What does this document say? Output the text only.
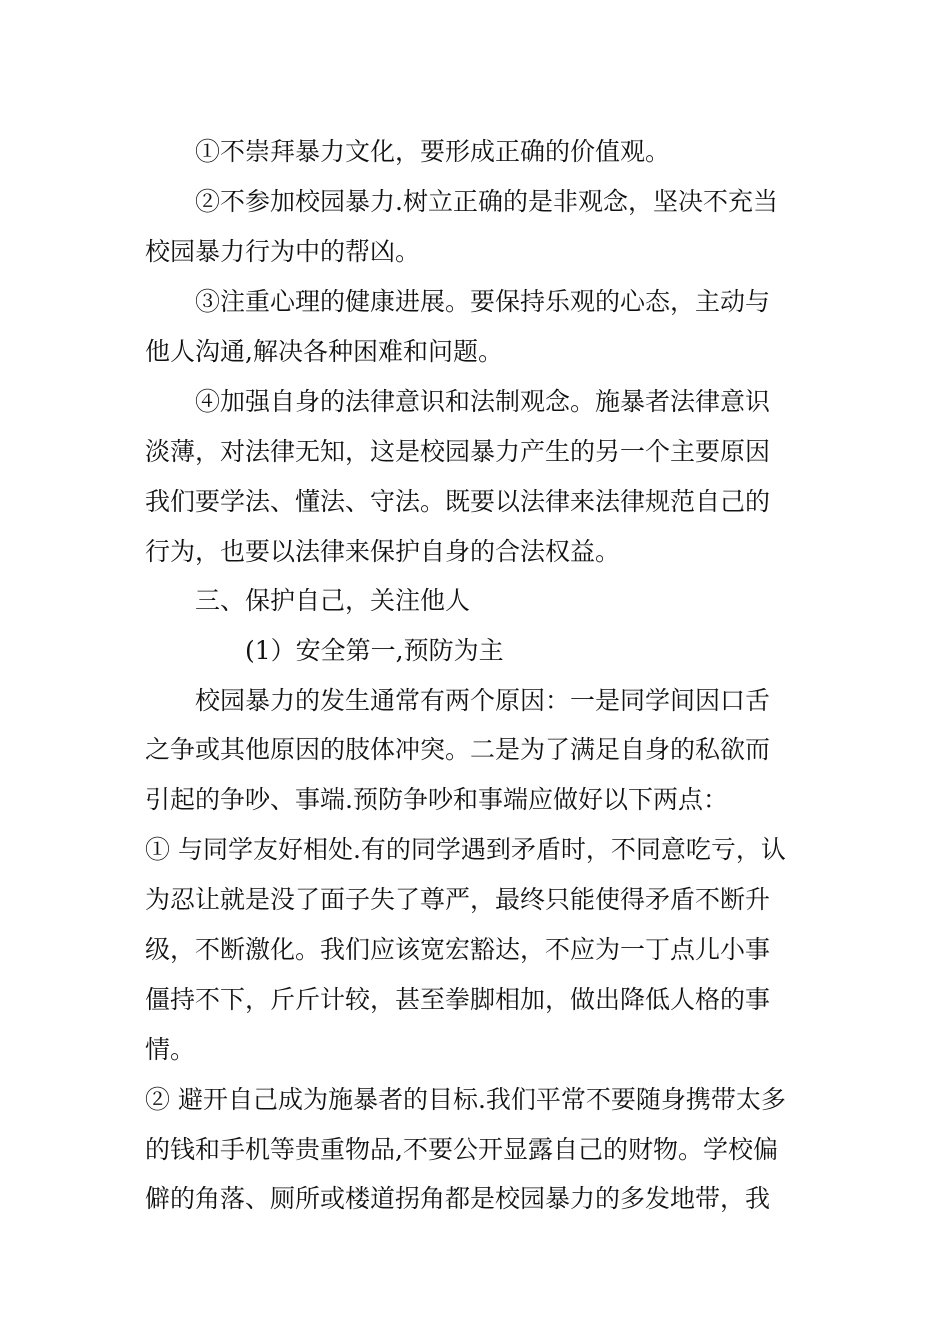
　　①不崇拜暴力文化，要形成正确的价值观。
　　②不参加校园暴力.树立正确的是非观念，坚决不充当
校园暴力行为中的帮凶。
　　③注重心理的健康进展。要保持乐观的心态，主动与
他人沟通,解决各种困难和问题。
　　④加强自身的法律意识和法制观念。施暴者法律意识
淡薄，对法律无知，这是校园暴力产生的另一个主要原因
我们要学法、懂法、守法。既要以法律来法律规范自己的
行为，也要以法律来保护自身的合法权益。
　　三、保护自己，关注他人
　　　　(1）安全第一,预防为主
　　校园暴力的发生通常有两个原因：一是同学间因口舌
之争或其他原因的肢体冲突。二是为了满足自身的私欲而
引起的争吵、事端.预防争吵和事端应做好以下两点：
① 与同学友好相处.有的同学遇到矛盾时，不同意吃亏，认
为忍让就是没了面子失了尊严，最终只能使得矛盾不断升
级，不断激化。我们应该宽宏豁达，不应为一丁点儿小事
僵持不下，斤斤计较，甚至拳脚相加，做出降低人格的事
情。
② 避开自己成为施暴者的目标.我们平常不要随身携带太多
的钱和手机等贵重物品,不要公开显露自己的财物。学校偏
僻的角落、厕所或楼道拐角都是校园暴力的多发地带，我
